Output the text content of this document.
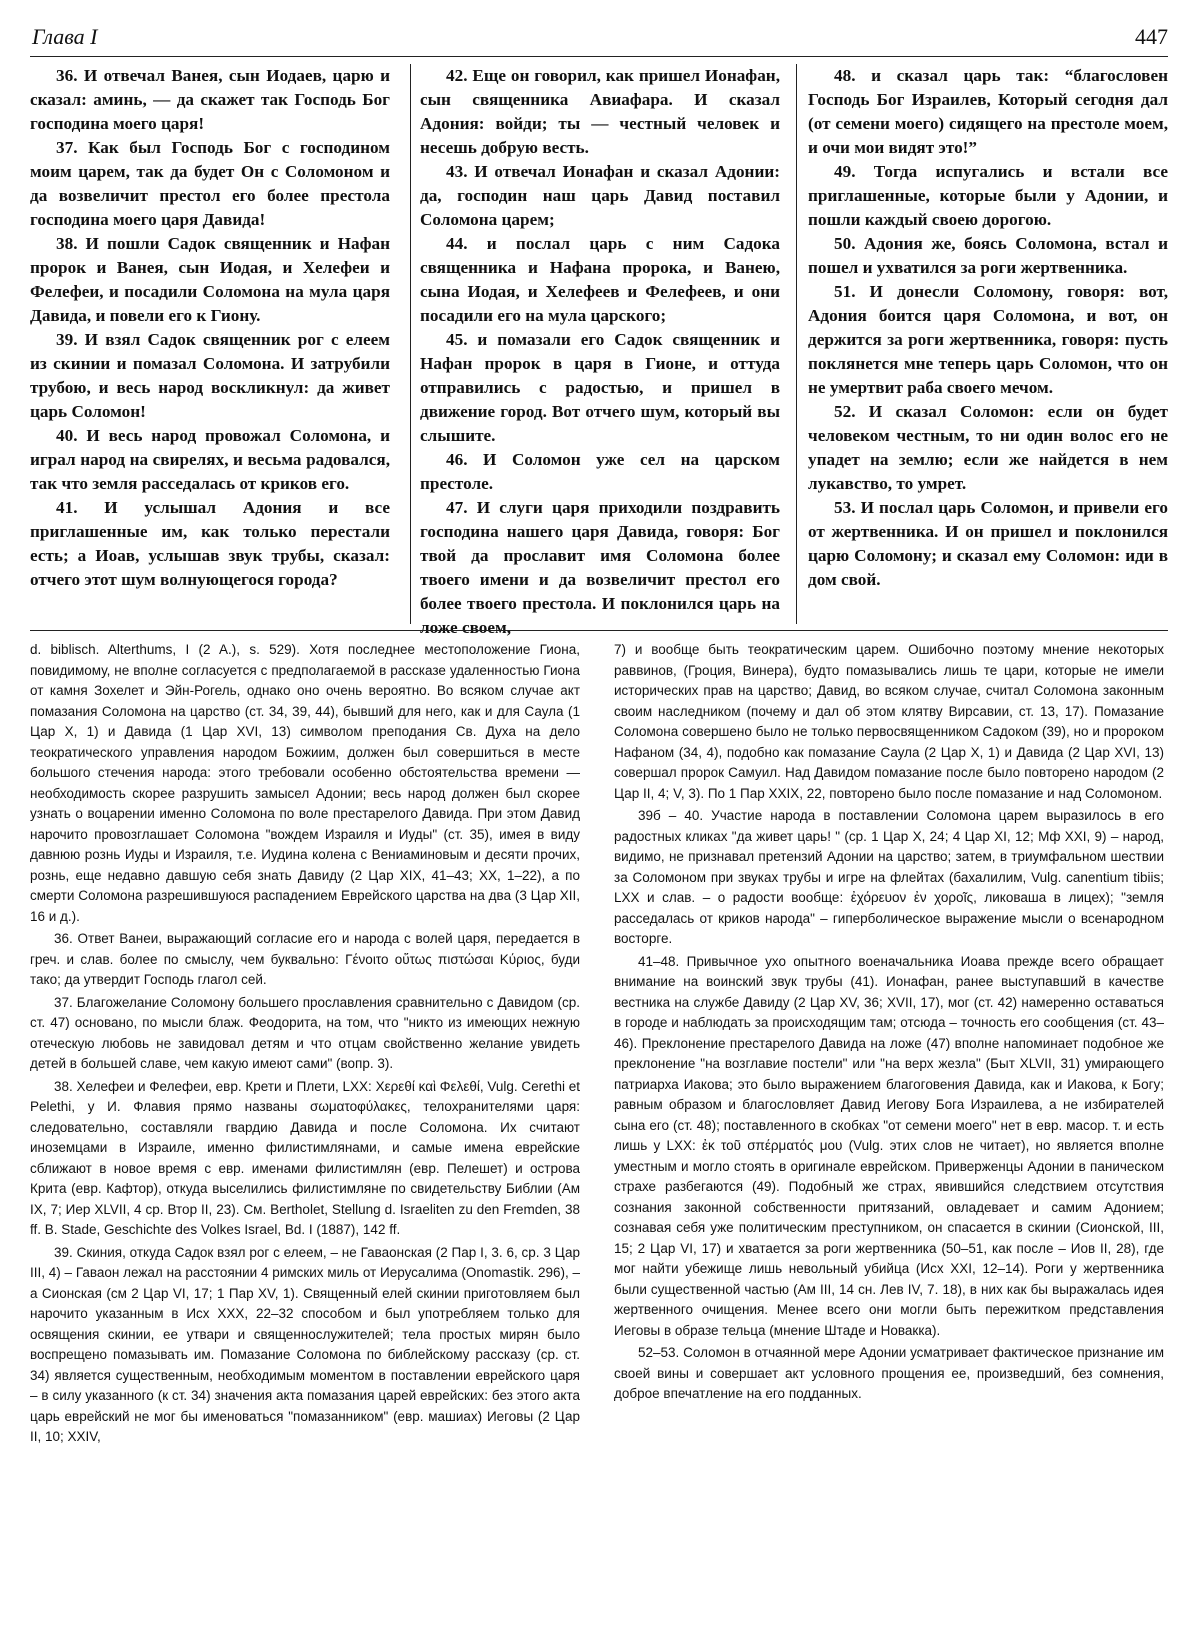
Глава I	447

36. И отвечал Ванея, сын Иодаев, царю и сказал: аминь, — да скажет так Господь Бог господина моего царя!

37. Как был Господь Бог с господином моим царем, так да будет Он с Соломоном и да возвеличит престол его более престола господина моего царя Давида!

38. И пошли Садок священник и Нафан пророк и Ванея, сын Иодая, и Хелефеи и Фелефеи, и посадили Соломона на мула царя Давида, и повели его к Гиону.

39. И взял Садок священник рог с елеем из скинии и помазал Соломона. И затрубили трубою, и весь народ воскликнул: да живет царь Соломон!

40. И весь народ провожал Соломона, и играл народ на свирелях, и весьма радовался, так что земля расседалась от криков его.

41. И услышал Адония и все приглашенные им, как только перестали есть; а Иоав, услышав звук трубы, сказал: отчего этот шум волнующегося города?

42. Еще он говорил, как пришел Ионафан, сын священника Авиафара. И сказал Адония: войди; ты — честный человек и несешь добрую весть.

43. И отвечал Ионафан и сказал Адонии: да, господин наш царь Давид поставил Соломона царем;

44. и послал царь с ним Садока священника и Нафана пророка, и Ванею, сына Иодая, и Хелефеев и Фелефеев, и они посадили его на мула царского;

45. и помазали его Садок священник и Нафан пророк в царя в Гионе, и оттуда отправились с радостью, и пришел в движение город. Вот отчего шум, который вы слышите.

46. И Соломон уже сел на царском престоле.

47. И слуги царя приходили поздравить господина нашего царя Давида, говоря: Бог твой да прославит имя Соломона более твоего имени и да возвеличит престол его более твоего престола. И поклонился царь на ложе своем,

48. и сказал царь так: “благословен Господь Бог Израилев, Который сегодня дал (от семени моего) сидящего на престоле моем, и очи мои видят это!”

49. Тогда испугались и встали все приглашенные, которые были у Адонии, и пошли каждый своею дорогою.

50. Адония же, боясь Соломона, встал и пошел и ухватился за роги жертвенника.

51. И донесли Соломону, говоря: вот, Адония боится царя Соломона, и вот, он держится за роги жертвенника, говоря: пусть поклянется мне теперь царь Соломон, что он не умертвит раба своего мечом.

52. И сказал Соломон: если он будет человеком честным, то ни один волос его не упадет на землю; если же найдется в нем лукавство, то умрет.

53. И послал царь Соломон, и привели его от жертвенника. И он пришел и поклонился царю Соломону; и сказал ему Соломон: иди в дом свой.

d. biblisch. Alterthums, I (2 A.), s. 529). Хотя последнее местоположение Гиона, повидимому, не вполне согласуется с предполагаемой в рассказе удаленностью Гиона от камня Зохелет и Эйн-Рогель, однако оно очень вероятно. Во всяком случае акт помазания Соломона на царство (ст. 34, 39, 44), бывший для него, как и для Саула (1 Цар X, 1) и Давида (1 Цар XVI, 13) символом преподания Св. Духа на дело теократического управления народом Божиим, должен был совершиться в месте большого стечения народа: этого требовали особенно обстоятельства времени — необходимость скорее разрушить замысел Адонии; весь народ должен был скорее узнать о воцарении именно Соломона по воле престарелого Давида. При этом Давид нарочито провозглашает Соломона "вождем Израиля и Иуды" (ст. 35), имея в виду давнюю рознь Иуды и Израиля, т.е. Иудина колена с Вениаминовым и десяти прочих, рознь, еще недавно давшую себя знать Давиду (2 Цар XIX, 41–43; XX, 1–22), а по смерти Соломона разрешившуюся распадением Еврейского царства на два (3 Цар XII, 16 и д.).

36. Ответ Ванеи, выражающий согласие его и народа с волей царя, передается в греч. и слав. более по смыслу, чем буквально: Γένοιτο οὕτως πιστώσαι Κύριος, буди тако; да утвердит Господь глагол сей.

37. Благожелание Соломону большего прославления сравнительно с Давидом (ср. ст. 47) основано, по мысли блаж. Феодорита, на том, что "никто из имеющих нежную отеческую любовь не завидовал детям и что отцам свойственно желание увидеть детей в большей славе, чем какую имеют сами" (вопр. 3).

38. Хелефеи и Фелефеи, евр. Крети и Плети, LXX: Χερεθί καὶ Φελεθί, Vulg. Cerethi et Pelethi, у И. Флавия прямо названы σωματοφύλακες, телохранителями царя: следовательно, составляли гвардию Давида и после Соломона. Их считают иноземцами в Израиле, именно филистимлянами, и самые имена еврейские сближают в новое время с евр. именами филистимлян (евр. Пелешет) и острова Крита (евр. Кафтор), откуда выселились филистимляне по свидетельству Библии (Ам IX, 7; Иер XLVII, 4 ср. Втор II, 23). См. Bertholet, Stellung d. Israeliten zu den Fremden, 38 ff. B. Stade, Geschichte des Volkes Israel, Bd. I (1887), 142 ff.

39. Скиния, откуда Садок взял рог с елеем, – не Гаваонская (2 Пар I, 3. 6, ср. 3 Цар III, 4) – Гаваон лежал на расстоянии 4 римских миль от Иерусалима (Onomastik. 296), – а Сионская (см 2 Цар VI, 17; 1 Пар XV, 1). Священный елей скинии приготовляем был нарочито указанным в Исх XXX, 22–32 способом и был употребляем только для освящения скинии, ее утвари и священнослужителей; тела простых мирян было воспрещено помазывать им. Помазание Соломона по библейскому рассказу (ср. ст. 34) является существенным, необходимым моментом в поставлении еврейского царя – в силу указанного (к ст. 34) значения акта помазания царей еврейских: без этого акта царь еврейский не мог бы именоваться "помазанником" (евр. машиах) Иеговы (2 Цар II, 10; XXIV,

7) и вообще быть теократическим царем. Ошибочно поэтому мнение некоторых раввинов, (Гроция, Винера), будто помазывались лишь те цари, которые не имели исторических прав на царство; Давид, во всяком случае, считал Соломона законным своим наследником (почему и дал об этом клятву Вирсавии, ст. 13, 17). Помазание Соломона совершено было не только первосвященником Садоком (39), но и пророком Нафаном (34, 4), подобно как помазание Саула (2 Цар X, 1) и Давида (2 Цар XVI, 13) совершал пророк Самуил. Над Давидом помазание после было повторено народом (2 Цар II, 4; V, 3). По 1 Пар XXIX, 22, повторено было после помазание и над Соломоном.

39б – 40. Участие народа в поставлении Соломона царем выразилось в его радостных кликах "да живет царь! " (ср. 1 Цар X, 24; 4 Цар XI, 12; Мф XXI, 9) – народ, видимо, не признавал претензий Адонии на царство; затем, в триумфальном шествии за Соломоном при звуках трубы и игре на флейтах (бахалилим, Vulg. canentium tibiis; LXX и слав. – о радости вообще: ἐχόρευον ἐν χοροῖς, ликоваша в лицех); "земля расседалась от криков народа" – гиперболическое выражение мысли о всенародном восторге.

41–48. Привычное ухо опытного военачальника Иоава прежде всего обращает внимание на воинский звук трубы (41). Ионафан, ранее выступавший в качестве вестника на службе Давиду (2 Цар XV, 36; XVII, 17), мог (ст. 42) намеренно оставаться в городе и наблюдать за происходящим там; отсюда – точность его сообщения (ст. 43–46). Преклонение престарелого Давида на ложе (47) вполне напоминает подобное же преклонение "на возглавие постели" или "на верх жезла" (Быт XLVII, 31) умирающего патриарха Иакова; это было выражением благоговения Давида, как и Иакова, к Богу; равным образом и благословляет Давид Иегову Бога Израилева, а не избирателей сына его (ст. 48); поставленного в скобках "от семени моего" нет в евр. масор. т. и есть лишь у LXX: ἐκ τοῦ σπέρματός μου (Vulg. этих слов не читает), но является вполне уместным и могло стоять в оригинале еврейском. Приверженцы Адонии в паническом страхе разбегаются (49). Подобный же страх, явившийся следствием отсутствия сознания законной собственности притязаний, овладевает и самим Адонием; сознавая себя уже политическим преступником, он спасается в скинии (Сионской, III, 15; 2 Цар VI, 17) и хватается за роги жертвенника (50–51, как после – Иов II, 28), где мог найти убежище лишь невольный убийца (Исх XXI, 12–14). Роги у жертвенника были существенной частью (Ам III, 14 сн. Лев IV, 7. 18), в них как бы выражалась идея жертвенного очищения. Менее всего они могли быть пережитком представления Иеговы в образе тельца (мнение Штаде и Новакка).

52–53. Соломон в отчаянной мере Адонии усматривает фактическое признание им своей вины и совершает акт условного прощения ее, произведший, без сомнения, доброе впечатление на его подданных.
